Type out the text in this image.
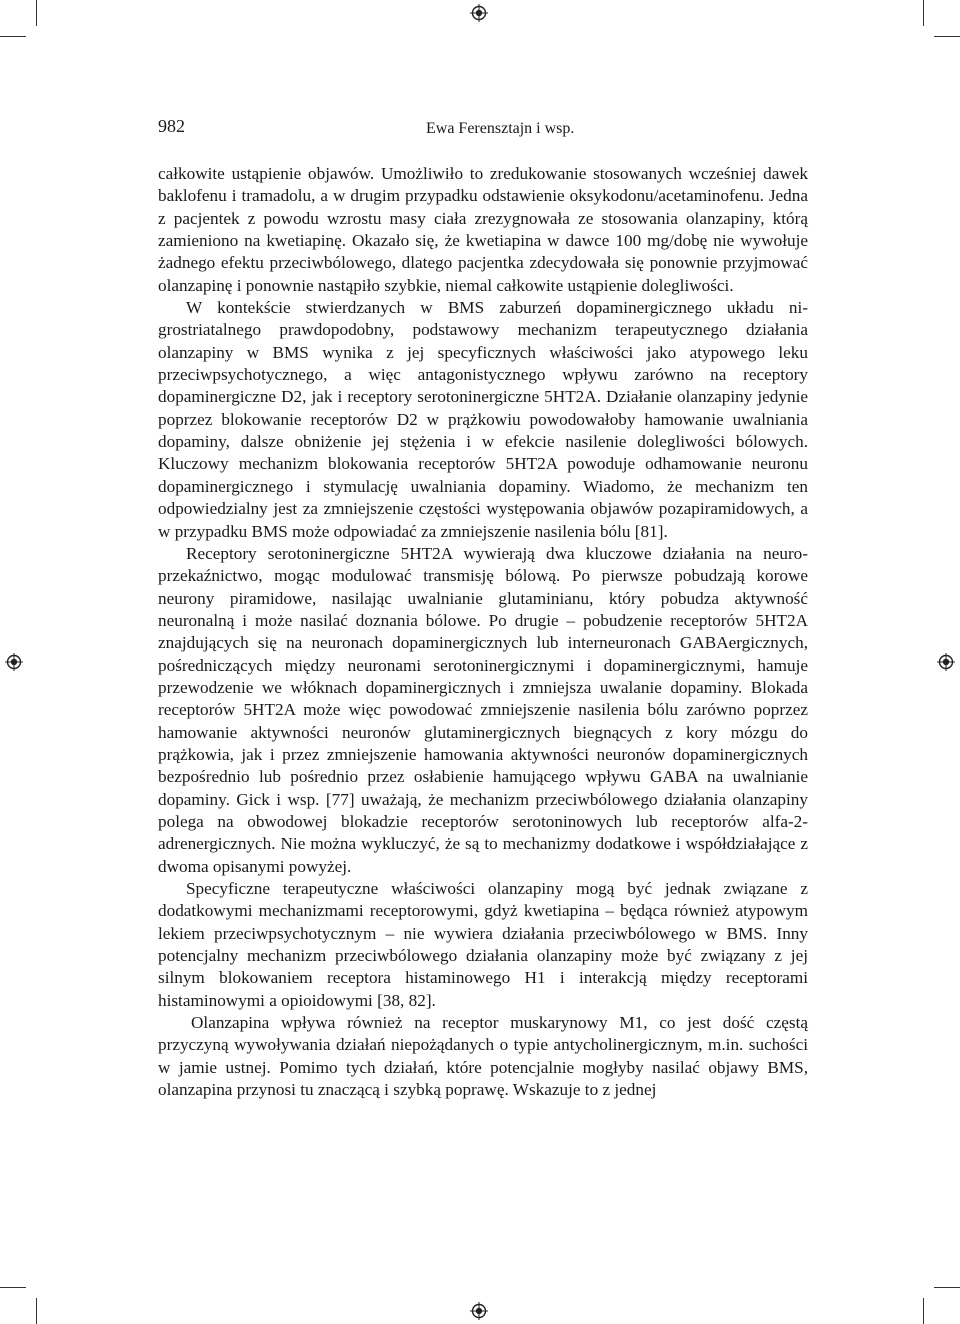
982	Ewa Ferensztajn i wsp.

całkowite ustąpienie objawów. Umożliwiło to zredukowanie stosowanych wcześniej dawek baklofenu i tramadolu, a w drugim przypadku odstawienie oksykodonu/acetaminofenu. Jedna z pacjentek z powodu wzrostu masy ciała zrezygnowała ze stosowania olanzapiny, którą zamieniono na kwetiapinę. Okazało się, że kwetiapina w dawce 100 mg/dobę nie wywołuje żadnego efektu przeciwbólowego, dlatego pacjentka zdecydowała się ponownie przyjmować olanzapinę i ponownie nastąpiło szybkie, niemal całkowite ustąpienie dolegliwości.

W kontekście stwierdzanych w BMS zaburzeń dopaminergicznego układu nigrostriatalnego prawdopodobny, podstawowy mechanizm terapeutycznego działania olanzapiny w BMS wynika z jej specyficznych właściwości jako atypowego leku przeciwpsychotycznego, a więc antagonistycznego wpływu zarówno na receptory dopaminergiczne D2, jak i receptory serotoninergiczne 5HT2A. Działanie olanzapiny jedynie poprzez blokowanie receptorów D2 w prążkowiu powodowałoby hamowanie uwalniania dopaminy, dalsze obniżenie jej stężenia i w efekcie nasilenie dolegliwości bólowych. Kluczowy mechanizm blokowania receptorów 5HT2A powoduje odhamowanie neuronu dopaminergicznego i stymulację uwalniania dopaminy. Wiadomo, że mechanizm ten odpowiedzialny jest za zmniejszenie częstości występowania objawów pozapiramidowych, a w przypadku BMS może odpowiadać za zmniejszenie nasilenia bólu [81].

Receptory serotoninergiczne 5HT2A wywierają dwa kluczowe działania na neuroprzekaźnictwo, mogąc modulować transmisję bólową. Po pierwsze pobudzają korowe neurony piramidowe, nasilając uwalnianie glutaminianu, który pobudza aktywność neuronalną i może nasilać doznania bólowe. Po drugie – pobudzenie receptorów 5HT2A znajdujących się na neuronach dopaminergicznych lub interneuronach GABAergicznych, pośredniczących między neuronami serotoninergicznymi i dopaminergicznymi, hamuje przewodzenie we włóknach dopaminergicznych i zmniejsza uwalanie dopaminy. Blokada receptorów 5HT2A może więc powodować zmniejszenie nasilenia bólu zarówno poprzez hamowanie aktywności neuronów glutaminergicznych biegnących z kory mózgu do prążkowia, jak i przez zmniejszenie hamowania aktywności neuronów dopaminergicznych bezpośrednio lub pośrednio przez osłabienie hamującego wpływu GABA na uwalnianie dopaminy. Gick i wsp. [77] uważają, że mechanizm przeciwbólowego działania olanzapiny polega na obwodowej blokadzie receptorów serotoninowych lub receptorów alfa-2-adrenergicznych. Nie można wykluczyć, że są to mechanizmy dodatkowe i współdziałające z dwoma opisanymi powyżej.

Specyficzne terapeutyczne właściwości olanzapiny mogą być jednak związane z dodatkowymi mechanizmami receptorowymi, gdyż kwetiapina – będąca również atypowym lekiem przeciwpsychotycznym – nie wywiera działania przeciwbólowego w BMS. Inny potencjalny mechanizm przeciwbólowego działania olanzapiny może być związany z jej silnym blokowaniem receptora histaminowego H1 i interakcją między receptorami histaminowymi a opioidowymi [38, 82].

Olanzapina wpływa również na receptor muskarynowy M1, co jest dość częstą przyczyną wywoływania działań niepożądanych o typie antycholinergicznym, m.in. suchości w jamie ustnej. Pomimo tych działań, które potencjalnie mogłyby nasilać objawy BMS, olanzapina przynosi tu znaczącą i szybką poprawę. Wskazuje to z jednej
